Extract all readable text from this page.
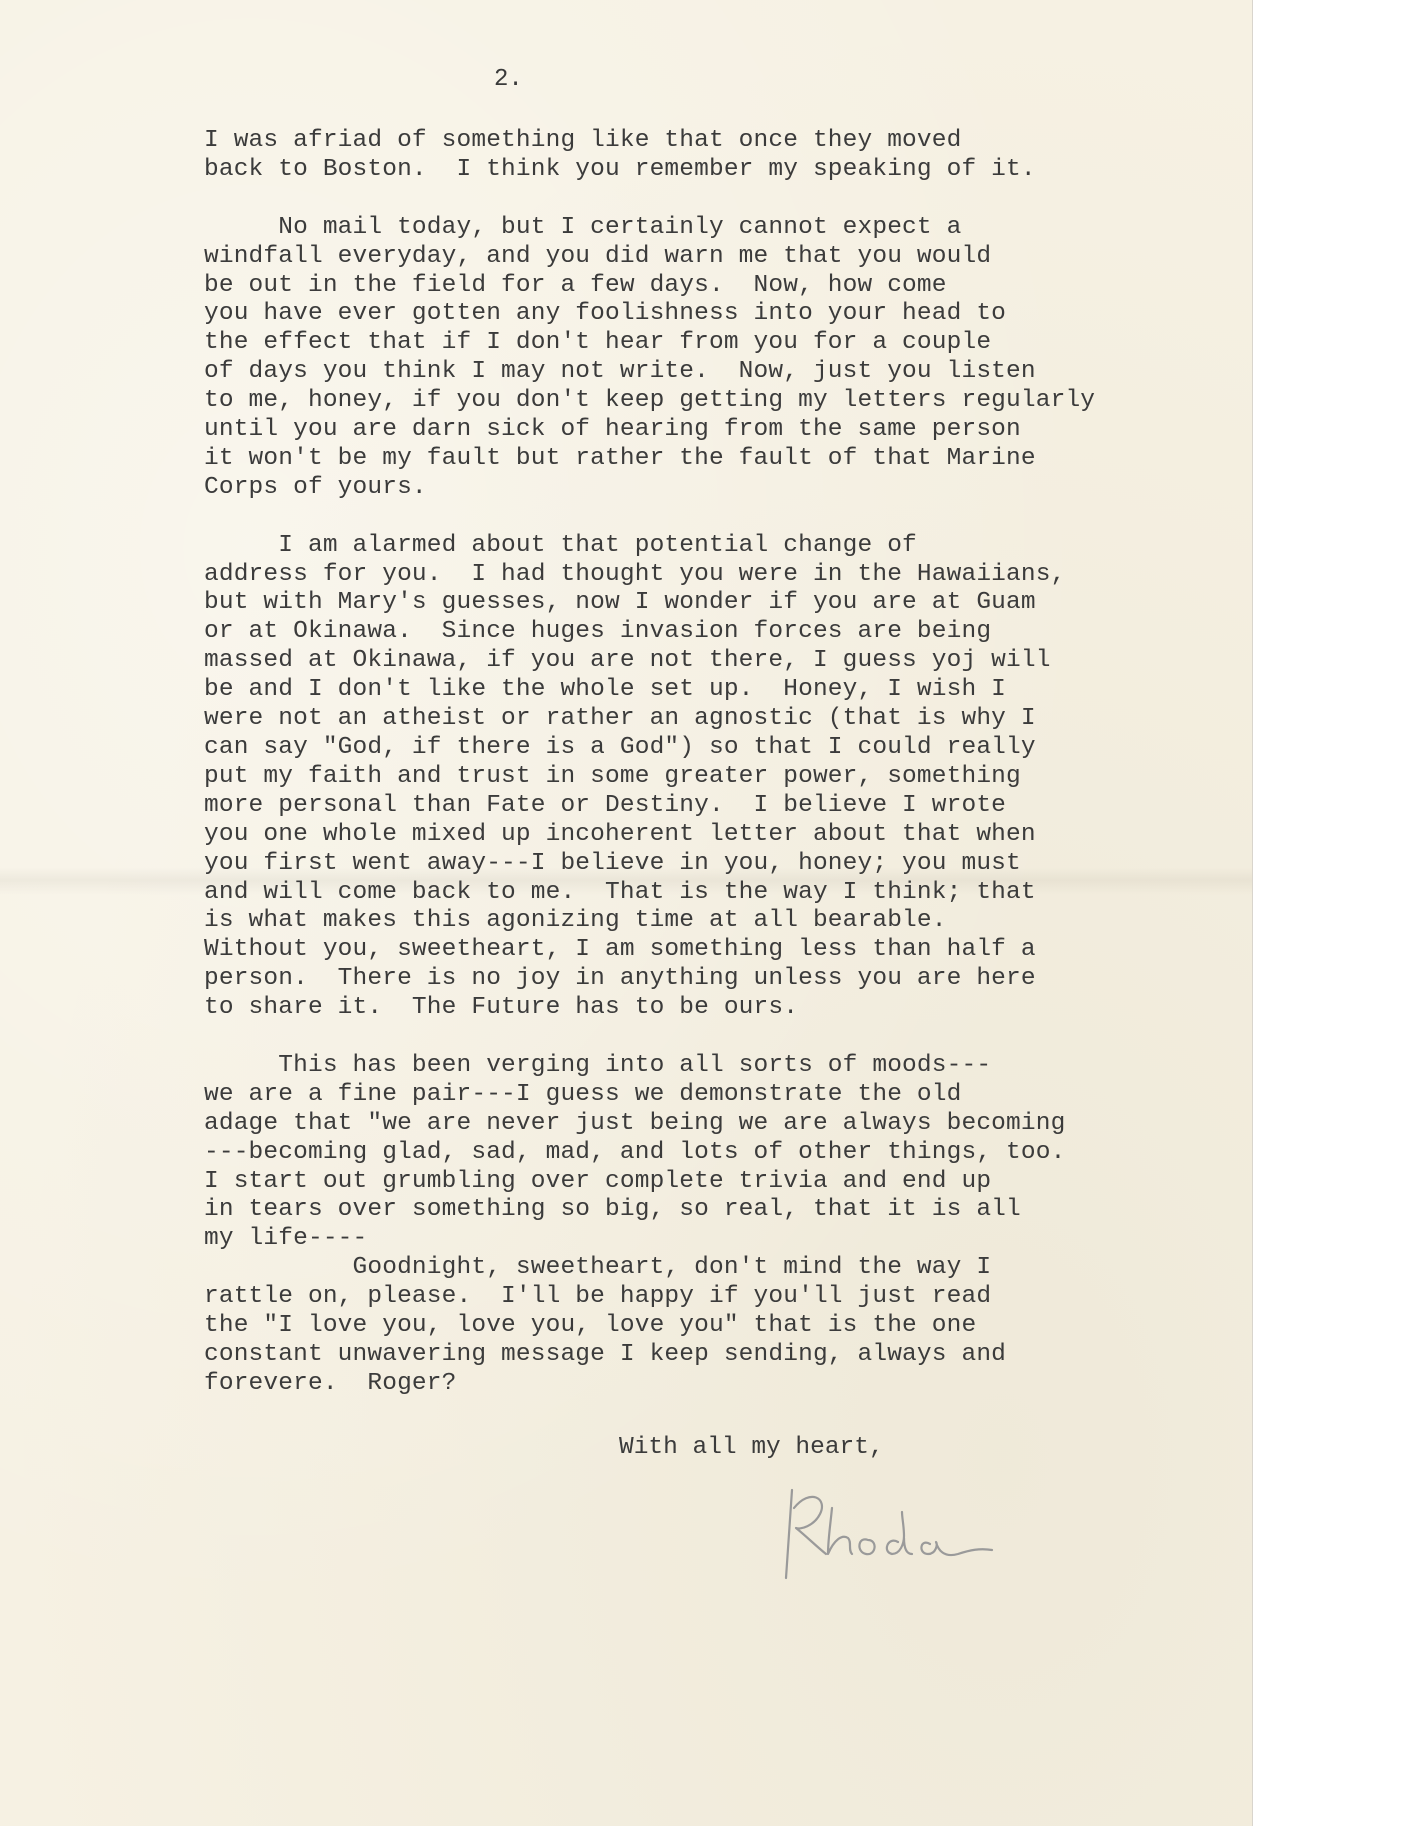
2.
I was afriad of something like that once they moved
back to Boston.  I think you remember my speaking of it.
No mail today, but I certainly cannot expect a
windfall everyday, and you did warn me that you would
be out in the field for a few days.  Now, how come
you have ever gotten any foolishness into your head to
the effect that if I don't hear from you for a couple
of days you think I may not write.  Now, just you listen
to me, honey, if you don't keep getting my letters regularly
until you are darn sick of hearing from the same person
it won't be my fault but rather the fault of that Marine
Corps of yours.
I am alarmed about that potential change of
address for you.  I had thought you were in the Hawaiians,
but with Mary's guesses, now I wonder if you are at Guam
or at Okinawa.  Since huges invasion forces are being
massed at Okinawa, if you are not there, I guess yoj will
be and I don't like the whole set up.  Honey, I wish I
were not an atheist or rather an agnostic (that is why I
can say "God, if there is a God") so that I could really
put my faith and trust in some greater power, something
more personal than Fate or Destiny.  I believe I wrote
you one whole mixed up incoherent letter about that when
you first went away---I believe in you, honey; you must
and will come back to me.  That is the way I think; that
is what makes this agonizing time at all bearable.
Without you, sweetheart, I am something less than half a
person.  There is no joy in anything unless you are here
to share it.  The Future has to be ours.
This has been verging into all sorts of moods---
we are a fine pair---I guess we demonstrate the old
adage that "we are never just being we are always becoming
---becoming glad, sad, mad, and lots of other things, too.
I start out grumbling over complete trivia and end up
in tears over something so big, so real, that it is all
my life----
Goodnight, sweetheart, don't mind the way I
rattle on, please.  I'll be happy if you'll just read
the "I love you, love you, love you" that is the one
constant unwavering message I keep sending, always and
forevere.  Roger?
With all my heart,
